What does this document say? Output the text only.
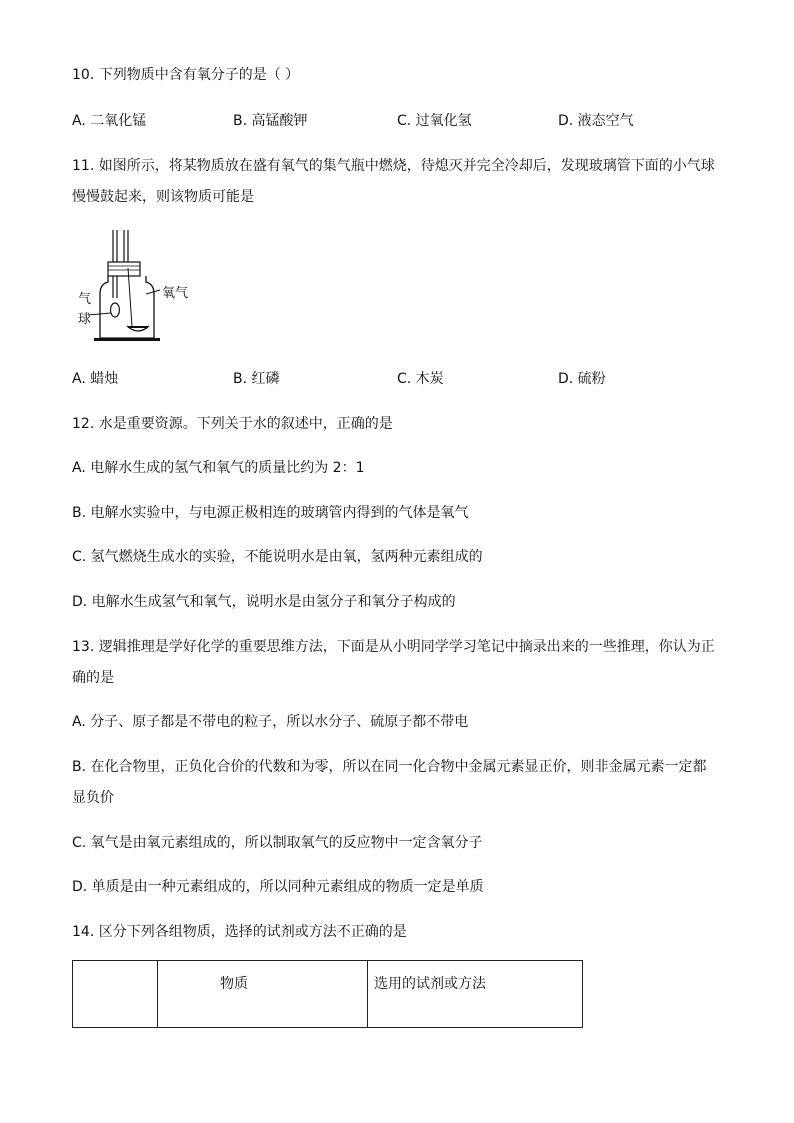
10. 下列物质中含有氧分子的是（ ）
A. 二氧化锰	B. 高锰酸钾	C. 过氧化氢	D. 液态空气
11. 如图所示，将某物质放在盛有氧气的集气瓶中燃烧，待熄灭并完全冷却后，发现玻璃管下面的小气球
慢慢鼓起来，则该物质可能是
氧气
气
球
A. 蜡烛	B. 红磷	C. 木炭	D. 硫粉
12. 水是重要资源。下列关于水的叙述中，正确的是
A. 电解水生成的氢气和氧气的质量比约为 2：1
B. 电解水实验中，与电源正极相连的玻璃管内得到的气体是氧气
C. 氢气燃烧生成水的实验，不能说明水是由氧，氢两种元素组成的
D. 电解水生成氢气和氧气，说明水是由氢分子和氧分子构成的
13. 逻辑推理是学好化学的重要思维方法，下面是从小明同学学习笔记中摘录出来的一些推理，你认为正
确的是
A. 分子、原子都是不带电的粒子，所以水分子、硫原子都不带电
B. 在化合物里，正负化合价的代数和为零，所以在同一化合物中金属元素显正价，则非金属元素一定都
显负价
C. 氧气是由氧元素组成的，所以制取氧气的反应物中一定含氧分子
D. 单质是由一种元素组成的，所以同种元素组成的物质一定是单质
14. 区分下列各组物质，选择的试剂或方法不正确的是
	物质	选用的试剂或方法
